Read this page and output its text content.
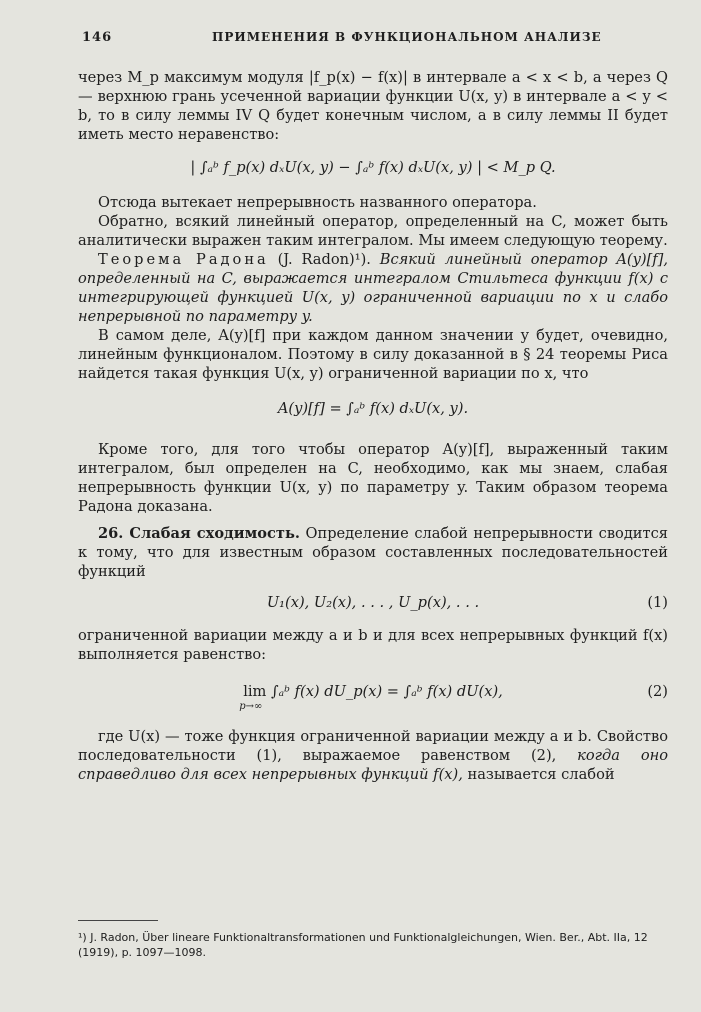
146	ПРИМЕНЕНИЯ В ФУНКЦИОНАЛЬНОМ АНАЛИЗЕ

через M_p максимум модуля |f_p(x) − f(x)| в интервале a < x < b, а через Q — верхнюю грань усеченной вариации функции U(x, y) в интервале a < y < b, то в силу леммы IV Q будет конечным числом, а в силу леммы II будет иметь место неравенство:

| ∫ₐᵇ f_p(x) dₓU(x, y) − ∫ₐᵇ f(x) dₓU(x, y) | < M_p Q.

Отсюда вытекает непрерывность названного оператора.

Обратно, всякий линейный оператор, определенный на C, может быть аналитически выражен таким интегралом. Мы имеем следующую теорему.

Теорема Радона (J. Radon)¹). Всякий линейный оператор A(y)[f], определенный на C, выражается интегралом Стильтеса функции f(x) с интегрирующей функцией U(x, y) ограниченной вариации по x и слабо непрерывной по параметру y.

В самом деле, A(y)[f] при каждом данном значении y будет, очевидно, линейным функционалом. Поэтому в силу доказанной в § 24 теоремы Риса найдется такая функция U(x, y) ограниченной вариации по x, что

A(y)[f] = ∫ₐᵇ f(x) dₓU(x, y).

Кроме того, для того чтобы оператор A(y)[f], выраженный таким интегралом, был определен на C, необходимо, как мы знаем, слабая непрерывность функции U(x, y) по параметру y. Таким образом теорема Радона доказана.

26. Слабая сходимость. Определение слабой непрерывности сводится к тому, что для известным образом составленных последовательностей функций

U₁(x), U₂(x), . . . , U_p(x), . . .	(1)

ограниченной вариации между a и b и для всех непрерывных функций f(x) выполняется равенство:

lim
p→∞
∫ₐᵇ f(x) dU_p(x) = ∫ₐᵇ f(x) dU(x),	(2)

где U(x) — тоже функция ограниченной вариации между a и b. Свойство последовательности (1), выражаемое равенством (2), когда оно справедливо для всех непрерывных функций f(x), называется слабой

¹) J. Radon, Über lineare Funktionaltransformationen und Funktionalgleichungen, Wien. Ber., Abt. IIa, 12 (1919), p. 1097—1098.
